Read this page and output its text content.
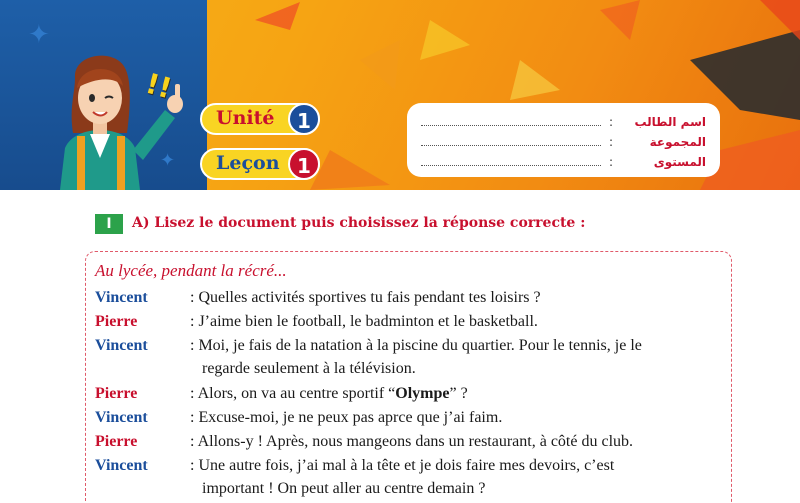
✦
✦
!!
Unité	1
Leçon 1
: اسم الطالب
:	المجموعة
:	المستوى
I	A) Lisez le document puis choisissez la réponse correcte :
Au lycée, pendant la récré...
Vincent	: Quelles activités sportives tu fais pendant tes loisirs ?
Pierre	: J’aime bien le football, le badminton et le basketball.
Vincent	: Moi, je fais de la natation à la piscine du quartier. Pour le tennis, je le
regarde seulement à la télévision.
Pierre	: Alors, on va au centre sportif “Olympe” ?
Vincent	: Excuse-moi, je ne peux pas aprce que j’ai faim.
Pierre	: Allons-y ! Après, nous mangeons dans un restaurant, à côté du club.
Vincent	: Une autre fois, j’ai mal à la tête et je dois faire mes devoirs, c’est
important ! On peut aller au centre demain ?
